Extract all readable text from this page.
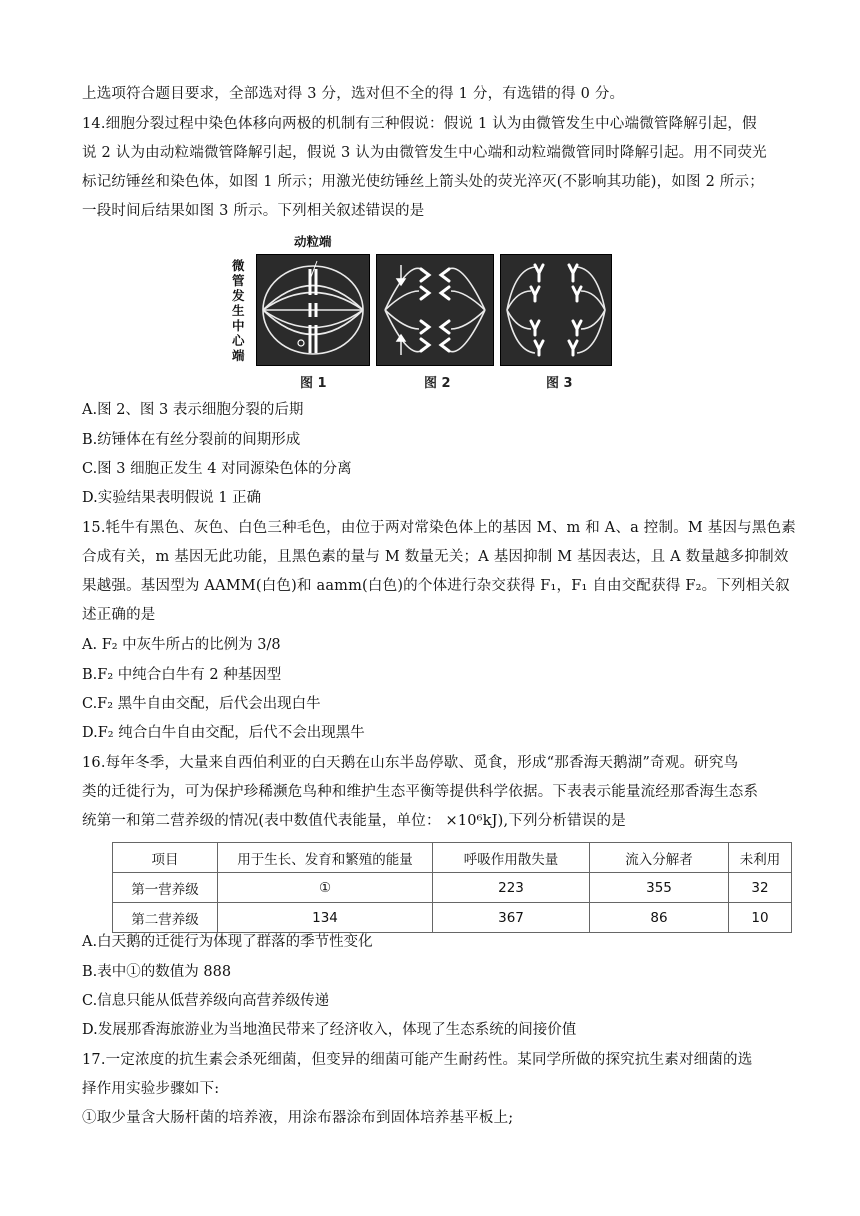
上选项符合题目要求，全部选对得 3 分，选对但不全的得 1 分，有选错的得 0 分。
14.细胞分裂过程中染色体移向两极的机制有三种假说：假说 1 认为由微管发生中心端微管降解引起，假
说 2 认为由动粒端微管降解引起，假说 3 认为由微管发生中心端和动粒端微管同时降解引起。用不同荧光
标记纺锤丝和染色体，如图 1 所示；用激光使纺锤丝上箭头处的荧光淬灭(不影响其功能)，如图 2 所示；
一段时间后结果如图 3 所示。下列相关叙述错误的是
动粒端
微管发生中心端
图 1	图 2	图 3
A.图 2、图 3 表示细胞分裂的后期
B.纺锤体在有丝分裂前的间期形成
C.图 3 细胞正发生 4 对同源染色体的分离
D.实验结果表明假说 1 正确
15.牦牛有黑色、灰色、白色三种毛色，由位于两对常染色体上的基因 M、m 和 A、a 控制。M 基因与黑色素
合成有关，m 基因无此功能，且黑色素的量与 M 数量无关；A 基因抑制 M 基因表达，且 A 数量越多抑制效
果越强。基因型为 AAMM(白色)和 aamm(白色)的个体进行杂交获得 F₁，F₁ 自由交配获得 F₂。下列相关叙
述正确的是
A. F₂ 中灰牛所占的比例为 3/8
B.F₂ 中纯合白牛有 2 种基因型
C.F₂ 黑牛自由交配，后代会出现白牛
D.F₂ 纯合白牛自由交配，后代不会出现黑牛
16.每年冬季，大量来自西伯利亚的白天鹅在山东半岛停歇、觅食，形成“那香海天鹅湖”奇观。研究鸟
类的迁徙行为，可为保护珍稀濒危鸟种和维护生态平衡等提供科学依据。下表表示能量流经那香海生态系
统第一和第二营养级的情况(表中数值代表能量，单位： ×10⁶kJ),下列分析错误的是
项目	用于生长、发育和繁殖的能量	呼吸作用散失量	流入分解者	未利用
第一营养级	①	223	355	32
第二营养级	134	367	86	10
A.白天鹅的迁徙行为体现了群落的季节性变化
B.表中①的数值为 888
C.信息只能从低营养级向高营养级传递
D.发展那香海旅游业为当地渔民带来了经济收入，体现了生态系统的间接价值
17.一定浓度的抗生素会杀死细菌，但变异的细菌可能产生耐药性。某同学所做的探究抗生素对细菌的选
择作用实验步骤如下:
①取少量含大肠杆菌的培养液，用涂布器涂布到固体培养基平板上;
